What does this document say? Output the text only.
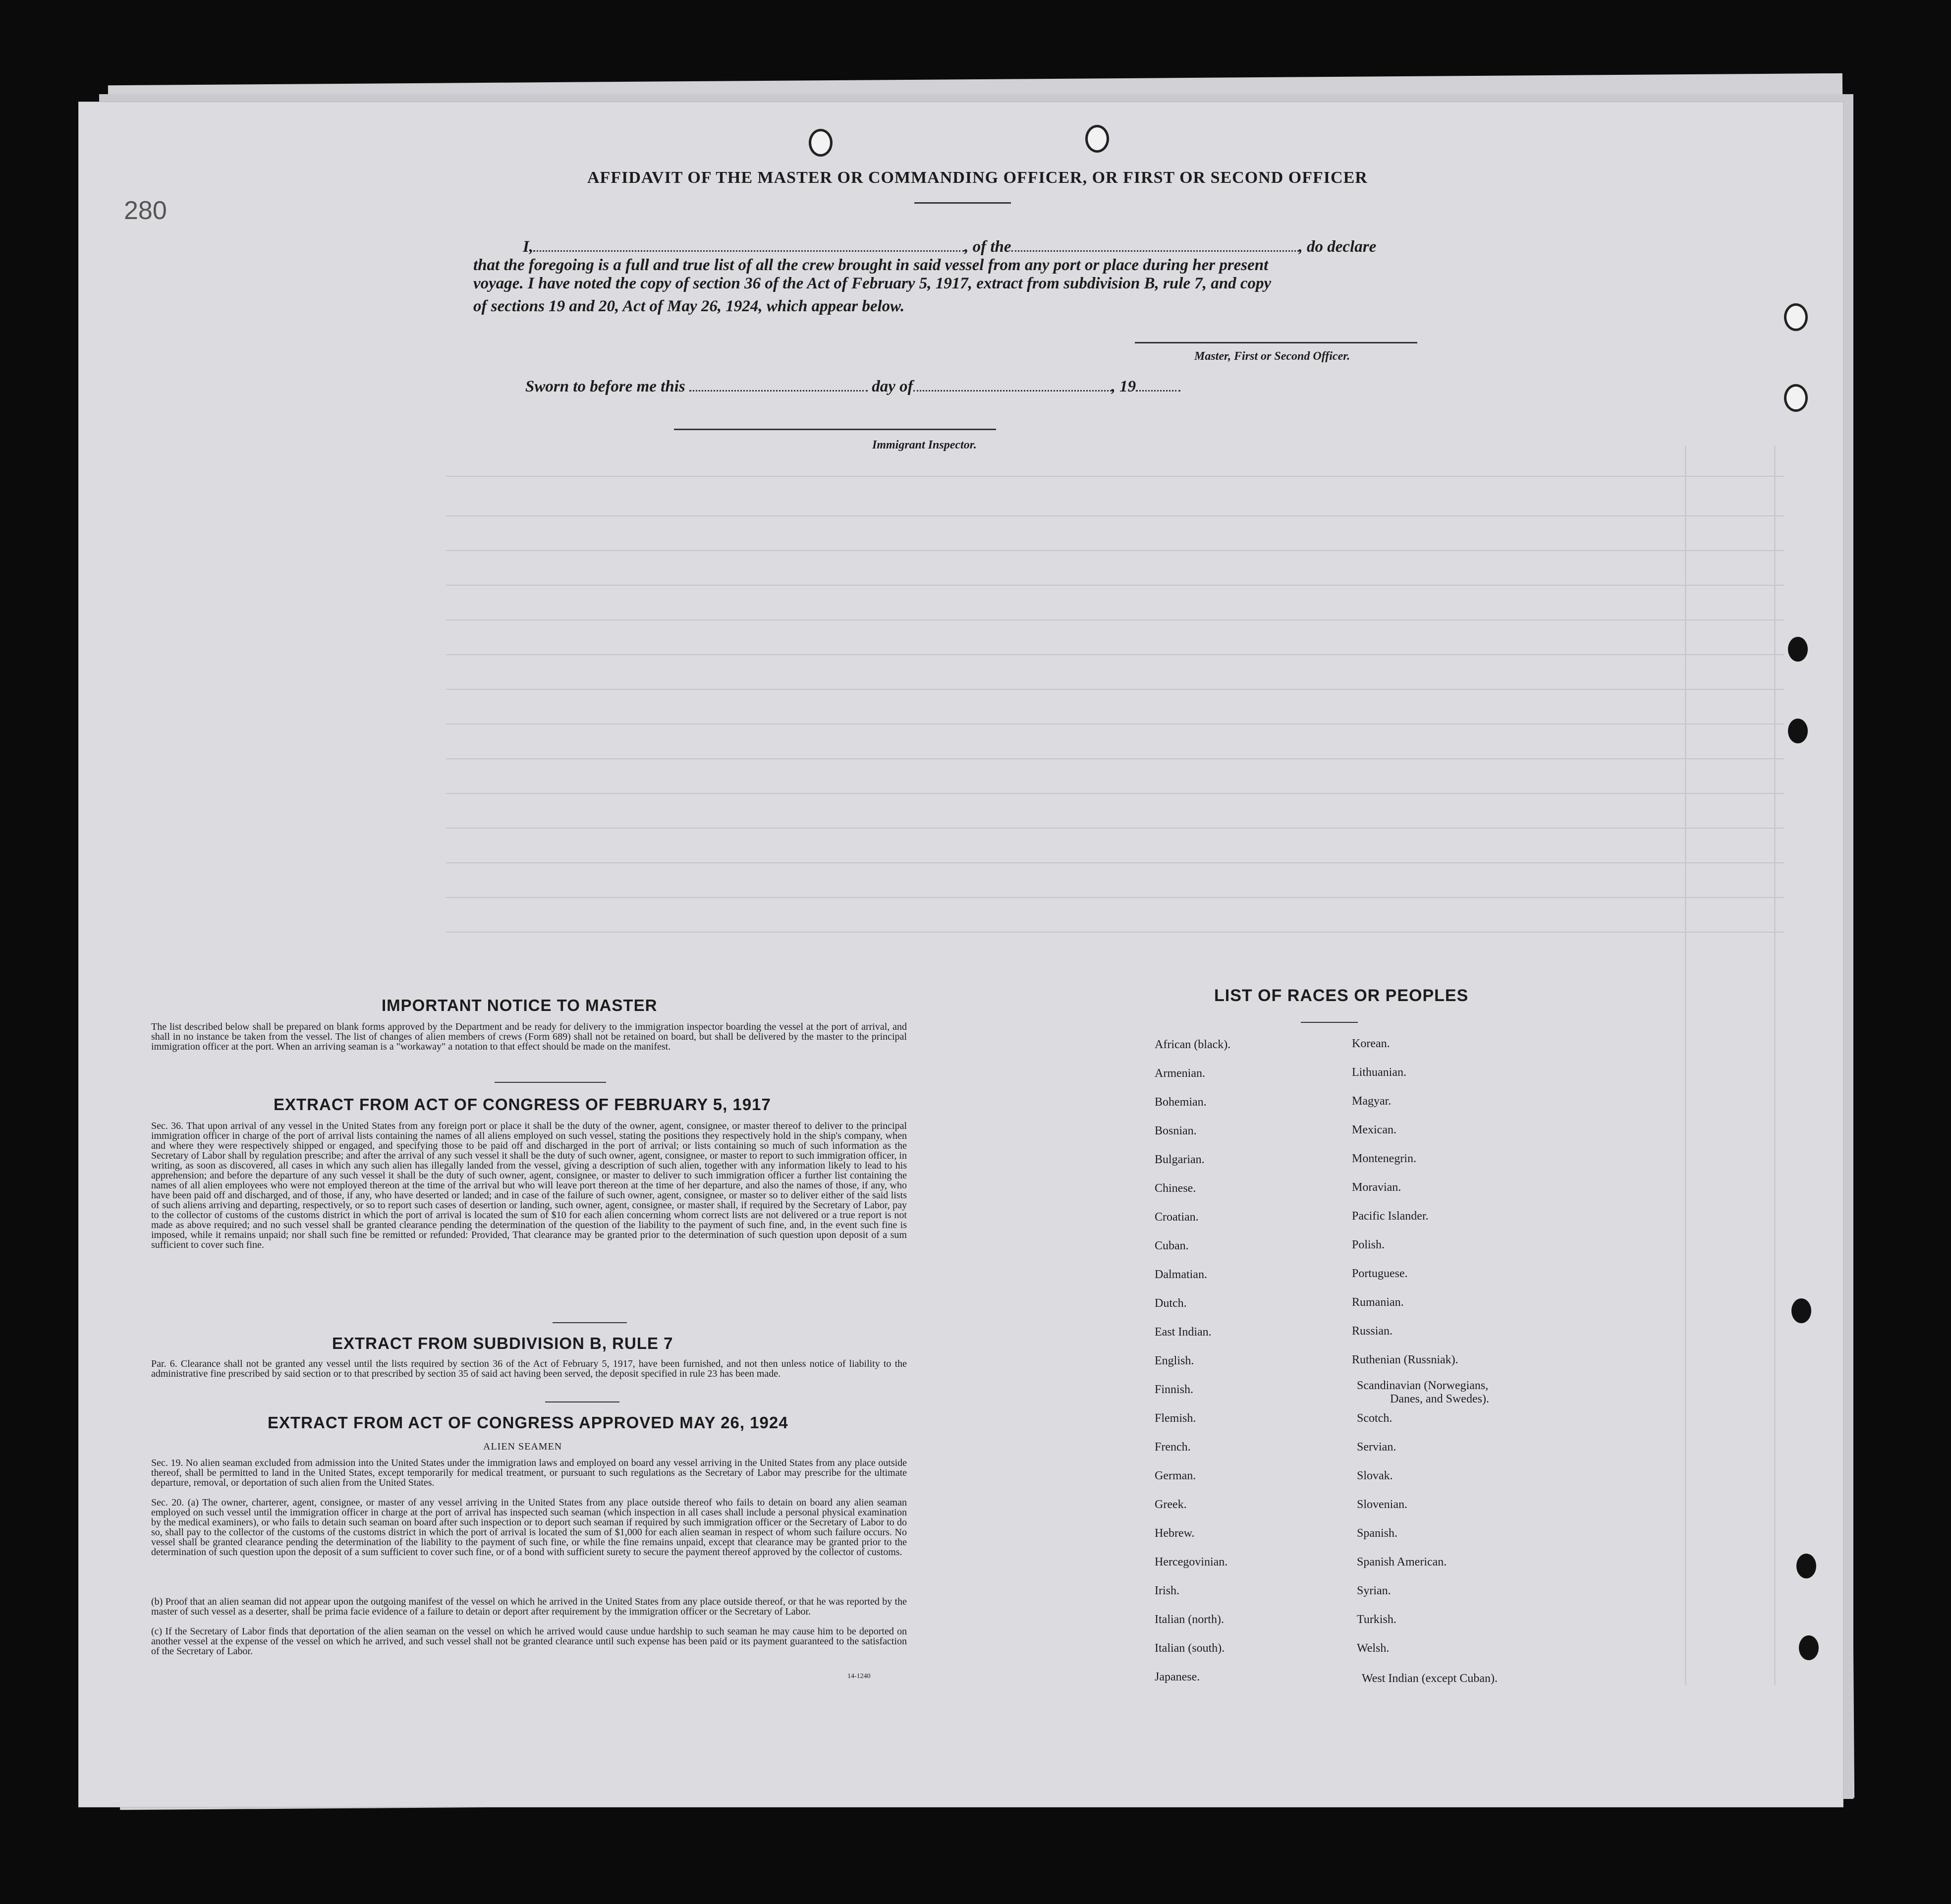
280
AFFIDAVIT OF THE MASTER OR COMMANDING OFFICER, OR FIRST OR SECOND OFFICER
I,	, of the	, do declare
that the foregoing is a full and true list of all the crew brought in said vessel from any port or place during her present
voyage. I have noted the copy of section 36 of the Act of February 5, 1917, extract from subdivision B, rule 7, and copy
of sections 19 and 20, Act of May 26, 1924, which appear below.
Master, First or Second Officer.
Sworn to before me this	day of	, 19
Immigrant Inspector.
IMPORTANT NOTICE TO MASTER
The list described below shall be prepared on blank forms approved by the Department and be ready for delivery to the immigration inspector boarding the vessel at the port of arrival, and shall in no instance be taken from the vessel. The list of changes of alien members of crews (Form 689) shall not be retained on board, but shall be delivered by the master to the principal immigration officer at the port. When an arriving seaman is a "workaway" a notation to that effect should be made on the manifest.
EXTRACT FROM ACT OF CONGRESS OF FEBRUARY 5, 1917
Sec. 36. That upon arrival of any vessel in the United States from any foreign port or place it shall be the duty of the owner, agent, consignee, or master thereof to deliver to the principal immigration officer in charge of the port of arrival lists containing the names of all aliens employed on such vessel, stating the positions they respectively hold in the ship's company, when and where they were respectively shipped or engaged, and specifying those to be paid off and discharged in the port of arrival; or lists containing so much of such information as the Secretary of Labor shall by regulation prescribe; and after the arrival of any such vessel it shall be the duty of such owner, agent, consignee, or master to report to such immigration officer, in writing, as soon as discovered, all cases in which any such alien has illegally landed from the vessel, giving a description of such alien, together with any information likely to lead to his apprehension; and before the departure of any such vessel it shall be the duty of such owner, agent, consignee, or master to deliver to such immigration officer a further list containing the names of all alien employees who were not employed thereon at the time of the arrival but who will leave port thereon at the time of her departure, and also the names of those, if any, who have been paid off and discharged, and of those, if any, who have deserted or landed; and in case of the failure of such owner, agent, consignee, or master so to deliver either of the said lists of such aliens arriving and departing, respectively, or so to report such cases of desertion or landing, such owner, agent, consignee, or master shall, if required by the Secretary of Labor, pay to the collector of customs of the customs district in which the port of arrival is located the sum of $10 for each alien concerning whom correct lists are not delivered or a true report is not made as above required; and no such vessel shall be granted clearance pending the determination of the question of the liability to the payment of such fine, and, in the event such fine is imposed, while it remains unpaid; nor shall such fine be remitted or refunded: Provided, That clearance may be granted prior to the determination of such question upon deposit of a sum sufficient to cover such fine.
EXTRACT FROM SUBDIVISION B, RULE 7
Par. 6. Clearance shall not be granted any vessel until the lists required by section 36 of the Act of February 5, 1917, have been furnished, and not then unless notice of liability to the administrative fine prescribed by said section or to that prescribed by section 35 of said act having been served, the deposit specified in rule 23 has been made.
EXTRACT FROM ACT OF CONGRESS APPROVED MAY 26, 1924
ALIEN SEAMEN
Sec. 19. No alien seaman excluded from admission into the United States under the immigration laws and employed on board any vessel arriving in the United States from any place outside thereof, shall be permitted to land in the United States, except temporarily for medical treatment, or pursuant to such regulations as the Secretary of Labor may prescribe for the ultimate departure, removal, or deportation of such alien from the United States.
Sec. 20. (a) The owner, charterer, agent, consignee, or master of any vessel arriving in the United States from any place outside thereof who fails to detain on board any alien seaman employed on such vessel until the immigration officer in charge at the port of arrival has inspected such seaman (which inspection in all cases shall include a personal physical examination by the medical examiners), or who fails to detain such seaman on board after such inspection or to deport such seaman if required by such immigration officer or the Secretary of Labor to do so, shall pay to the collector of the customs of the customs district in which the port of arrival is located the sum of $1,000 for each alien seaman in respect of whom such failure occurs. No vessel shall be granted clearance pending the determination of the liability to the payment of such fine, or while the fine remains unpaid, except that clearance may be granted prior to the determination of such question upon the deposit of a sum sufficient to cover such fine, or of a bond with sufficient surety to secure the payment thereof approved by the collector of customs.
(b) Proof that an alien seaman did not appear upon the outgoing manifest of the vessel on which he arrived in the United States from any place outside thereof, or that he was reported by the master of such vessel as a deserter, shall be prima facie evidence of a failure to detain or deport after requirement by the immigration officer or the Secretary of Labor.
(c) If the Secretary of Labor finds that deportation of the alien seaman on the vessel on which he arrived would cause undue hardship to such seaman he may cause him to be deported on another vessel at the expense of the vessel on which he arrived, and such vessel shall not be granted clearance until such expense has been paid or its payment guaranteed to the satisfaction of the Secretary of Labor.
14-1240
LIST OF RACES OR PEOPLES
African (black).
Armenian.
Bohemian.
Bosnian.
Bulgarian.
Chinese.
Croatian.
Cuban.
Dalmatian.
Dutch.
East Indian.
English.
Finnish.
Flemish.
French.
German.
Greek.
Hebrew.
Hercegovinian.
Irish.
Italian (north).
Italian (south).
Japanese.
Korean.
Lithuanian.
Magyar.
Mexican.
Montenegrin.
Moravian.
Pacific Islander.
Polish.
Portuguese.
Rumanian.
Russian.
Ruthenian (Russniak).
Scandinavian (Norwegians,
Danes, and Swedes).
Scotch.
Servian.
Slovak.
Slovenian.
Spanish.
Spanish American.
Syrian.
Turkish.
Welsh.
West Indian (except Cuban).
